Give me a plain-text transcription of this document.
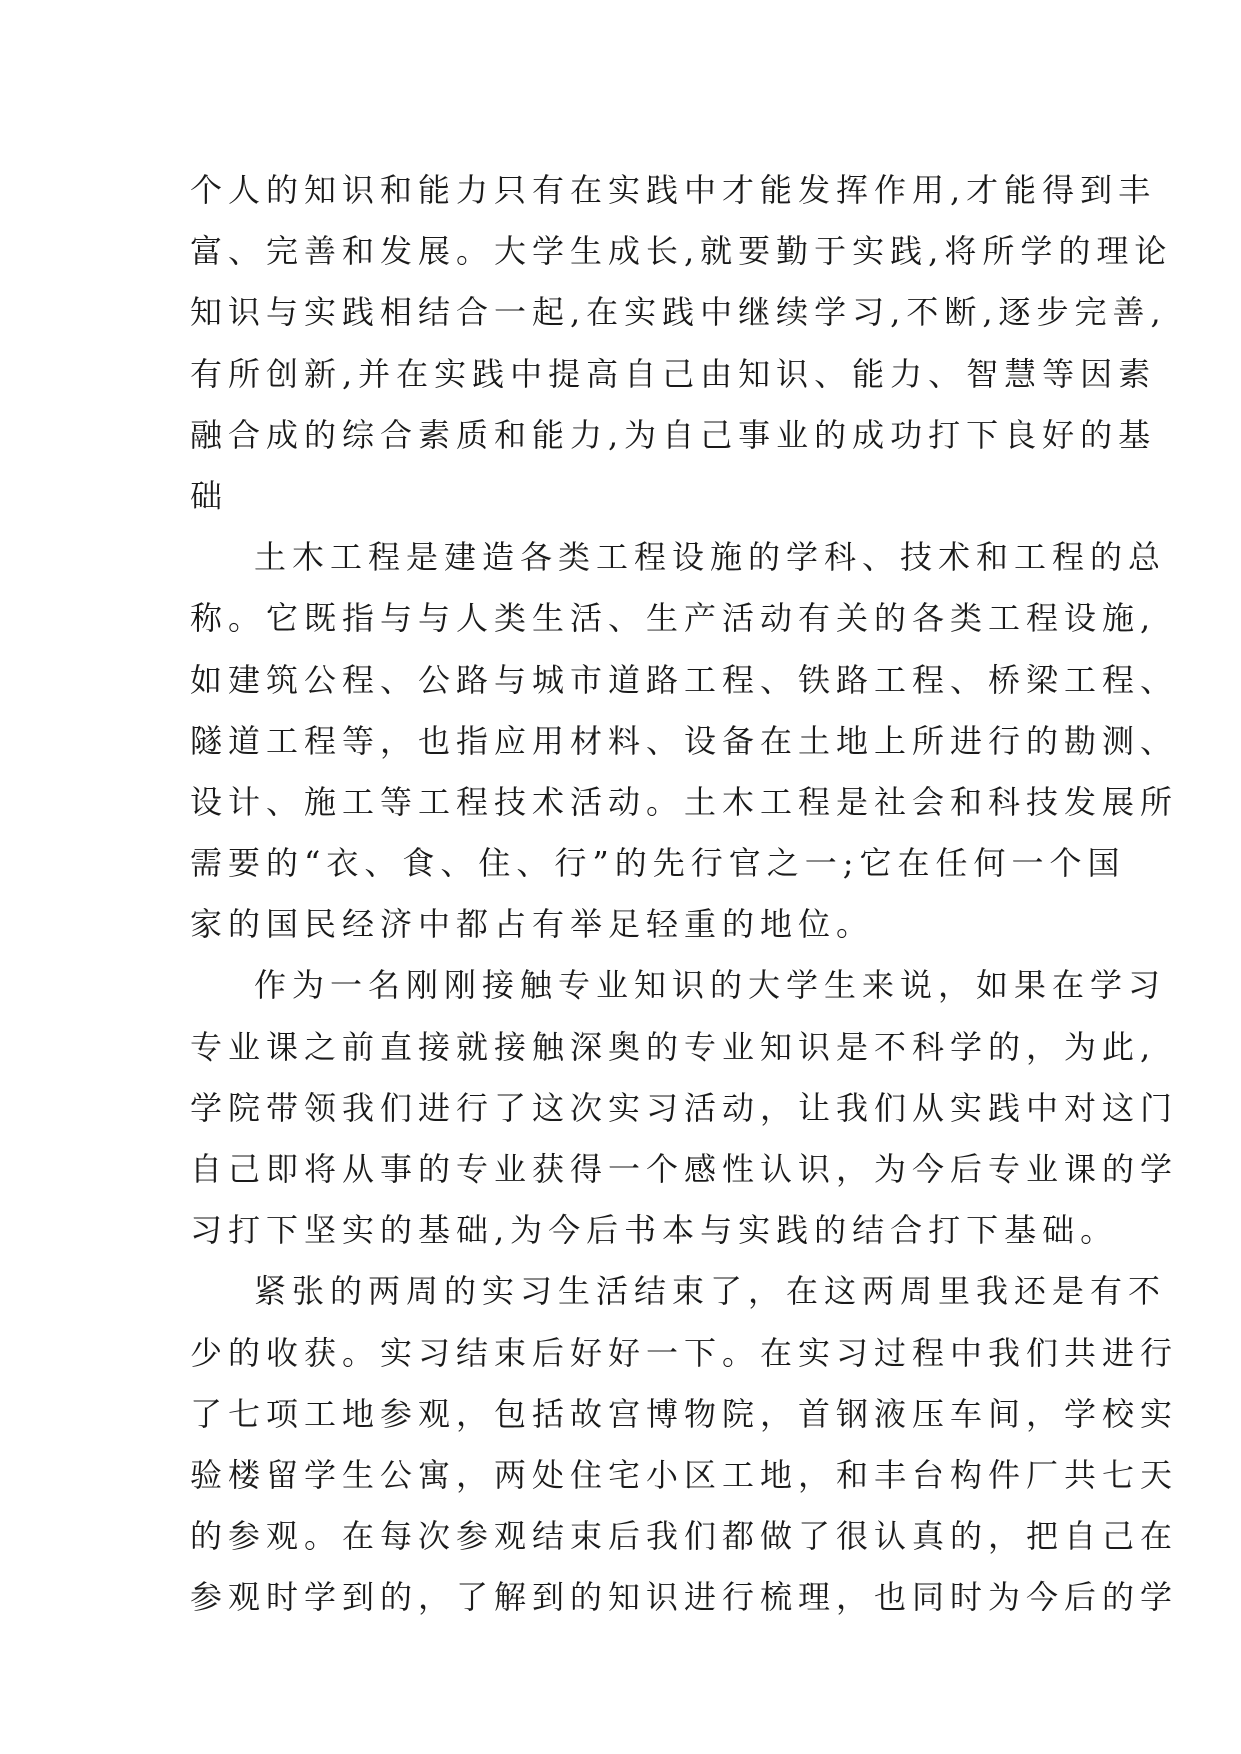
个人的知识和能力只有在实践中才能发挥作用,才能得到丰
富、完善和发展。大学生成长,就要勤于实践,将所学的理论
知识与实践相结合一起,在实践中继续学习,不断,逐步完善,
有所创新,并在实践中提高自己由知识、能力、智慧等因素
融合成的综合素质和能力,为自己事业的成功打下良好的基
础
土木工程是建造各类工程设施的学科、技术和工程的总
称。它既指与与人类生活、生产活动有关的各类工程设施,
如建筑公程、公路与城市道路工程、铁路工程、桥梁工程、
隧道工程等，也指应用材料、设备在土地上所进行的勘测、
设计、施工等工程技术活动。土木工程是社会和科技发展所
需要的“衣、食、住、行”的先行官之一;它在任何一个国
家的国民经济中都占有举足轻重的地位。
作为一名刚刚接触专业知识的大学生来说，如果在学习
专业课之前直接就接触深奥的专业知识是不科学的，为此,
学院带领我们进行了这次实习活动，让我们从实践中对这门
自己即将从事的专业获得一个感性认识，为今后专业课的学
习打下坚实的基础,为今后书本与实践的结合打下基础。
紧张的两周的实习生活结束了，在这两周里我还是有不
少的收获。实习结束后好好一下。在实习过程中我们共进行
了七项工地参观，包括故宫博物院，首钢液压车间，学校实
验楼留学生公寓，两处住宅小区工地，和丰台构件厂共七天
的参观。在每次参观结束后我们都做了很认真的，把自己在
参观时学到的，了解到的知识进行梳理，也同时为今后的学
